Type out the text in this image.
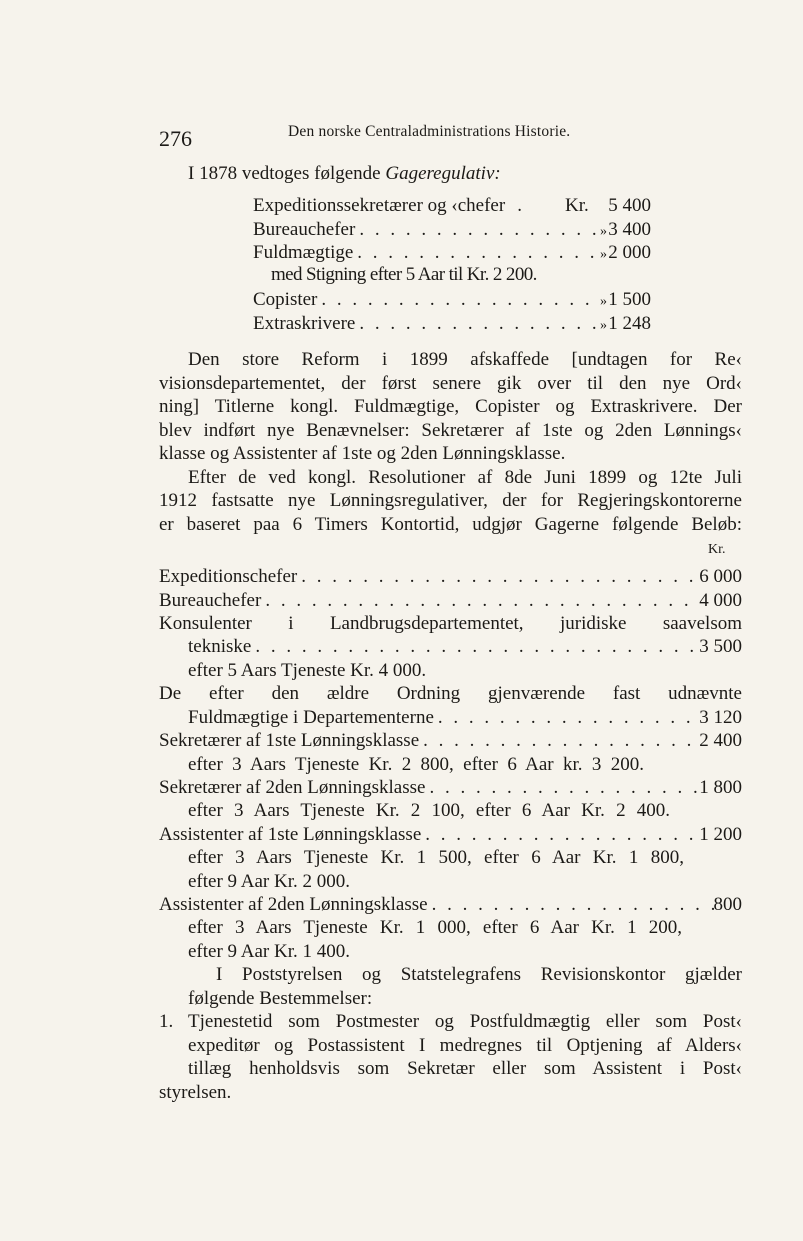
276	Den norske Centraladministrations Historie.
I 1878 vedtoges følgende Gageregulativ:
Expeditionssekretærer og ‹chefer .	Kr.	5 400
Bureauchefer . . .	» 3 400
Fuldmægtige . . .	» 2 000
med Stigning efter 5 Aar til Kr. 2 200.
Copister . . .	» 1 500
Extraskrivere . . .	» 1 248
Den store Reform i 1899 afskaffede [undtagen for Re‹
visionsdepartementet, der først senere gik over til den nye Ord‹
ning] Titlerne kongl. Fuldmægtige, Copister og Extraskrivere. Der
blev indført nye Benævnelser: Sekretærer af 1ste og 2den Lønnings‹
klasse og Assistenter af 1ste og 2den Lønningsklasse.
Efter de ved kongl. Resolutioner af 8de Juni 1899 og 12te Juli
1912 fastsatte nye Lønningsregulativer, der for Regjeringskontorerne
er baseret paa 6 Timers Kontortid, udgjør Gagerne følgende Beløb:
Kr.
Expeditionschefer . . .	6 000
Bureauchefer . . .	4 000
Konsulenter i Landbrugsdepartementet, juridiske saavelsom
tekniske . . .	3 500
efter 5 Aars Tjeneste Kr. 4 000.
De efter den ældre Ordning gjenværende fast udnævnte
Fuldmægtige i Departementerne . . .	3 120
Sekretærer af 1ste Lønningsklasse . . .	2 400
efter 3 Aars Tjeneste Kr. 2 800, efter 6 Aar kr. 3 200.
Sekretærer af 2den Lønningsklasse . . .	1 800
efter 3 Aars Tjeneste Kr. 2 100, efter 6 Aar Kr. 2 400.
Assistenter af 1ste Lønningsklasse . . .	1 200
efter 3 Aars Tjeneste Kr. 1 500, efter 6 Aar Kr. 1 800,
efter 9 Aar Kr. 2 000.
Assistenter af 2den Lønningsklasse . . .	800
efter 3 Aars Tjeneste Kr. 1 000, efter 6 Aar Kr. 1 200,
efter 9 Aar Kr. 1 400.
I Poststyrelsen og Statstelegrafens Revisionskontor gjælder
følgende Bestemmelser:
1. Tjenestetid som Postmester og Postfuldmægtig eller som Post‹
expeditør og Postassistent I medregnes til Optjening af Alders‹
tillæg henholdsvis som Sekretær eller som Assistent i Post‹
styrelsen.
